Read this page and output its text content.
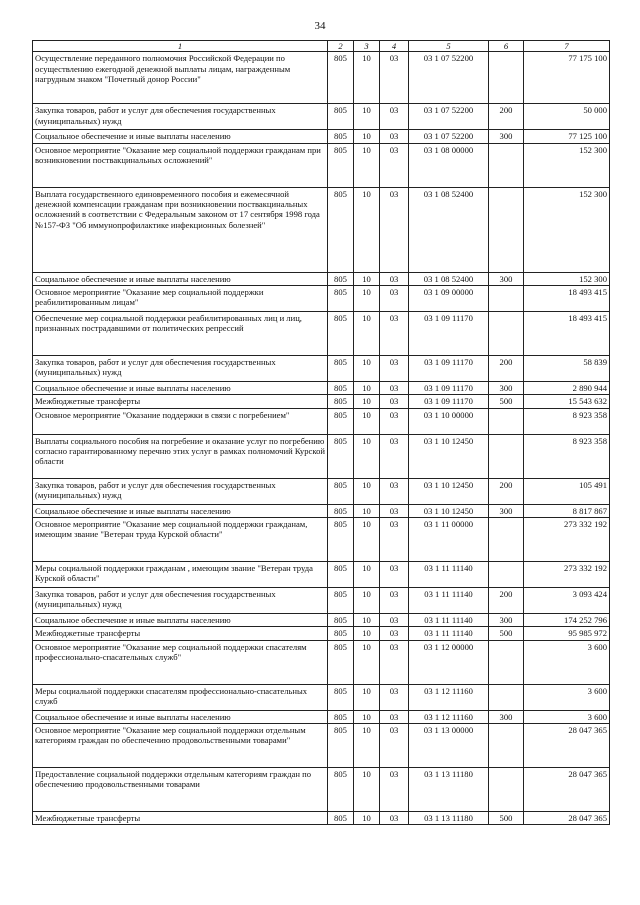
34
1	2	3	4	5	6	7
Осуществление переданного полномочия Российской Федерации по осуществлению ежегодной денежной выплаты лицам, награжденным нагрудным знаком "Почетный донор России"	805	10	03	03 1 07 52200		77 175 100
Закупка товаров, работ и услуг для обеспечения государственных (муниципальных) нужд	805	10	03	03 1 07 52200	200	50 000
Социальное обеспечение и иные выплаты населению	805	10	03	03 1 07 52200	300	77 125 100
Основное мероприятие "Оказание мер социальной поддержки гражданам при возникновении поствакцинальных осложнений"	805	10	03	03 1 08 00000		152 300
Выплата государственного единовременного пособия и ежемесячной денежной компенсации гражданам при возникновении поствакцинальных осложнений в соответствии с Федеральным законом от 17 сентября 1998 года №157-ФЗ "Об иммунопрофилактике инфекционных болезней"	805	10	03	03 1 08 52400		152 300
Социальное обеспечение и иные выплаты населению	805	10	03	03 1 08 52400	300	152 300
Основное мероприятие "Оказание мер социальной поддержки реабилитированным лицам"	805	10	03	03 1 09 00000		18 493 415
Обеспечение мер социальной поддержки реабилитированных лиц и лиц, признанных пострадавшими от политических репрессий	805	10	03	03 1 09 11170		18 493 415
Закупка товаров, работ и услуг для обеспечения государственных (муниципальных) нужд	805	10	03	03 1 09 11170	200	58 839
Социальное обеспечение и иные выплаты населению	805	10	03	03 1 09 11170	300	2 890 944
Межбюджетные трансферты	805	10	03	03 1 09 11170	500	15 543 632
Основное мероприятие "Оказание поддержки в связи с погребением"	805	10	03	03 1 10 00000		8 923 358
Выплаты социального пособия на погребение и оказание услуг по погребению согласно гарантированному перечню этих услуг в рамках полномочий Курской области	805	10	03	03 1 10 12450		8 923 358
Закупка товаров, работ и услуг для обеспечения государственных (муниципальных) нужд	805	10	03	03 1 10 12450	200	105 491
Социальное обеспечение и иные выплаты населению	805	10	03	03 1 10 12450	300	8 817 867
Основное мероприятие "Оказание мер социальной поддержки гражданам, имеющим звание "Ветеран труда Курской области"	805	10	03	03 1 11 00000		273 332 192
Меры социальной поддержки гражданам , имеющим звание "Ветеран труда Курской области"	805	10	03	03 1 11 11140		273 332 192
Закупка товаров, работ и услуг для обеспечения государственных (муниципальных) нужд	805	10	03	03 1 11 11140	200	3 093 424
Социальное обеспечение и иные выплаты населению	805	10	03	03 1 11 11140	300	174 252 796
Межбюджетные трансферты	805	10	03	03 1 11 11140	500	95 985 972
Основное мероприятие "Оказание мер социальной поддержки спасателям профессионально-спасательных служб"	805	10	03	03 1 12 00000		3 600
Меры социальной поддержки спасателям профессионально-спасательных служб	805	10	03	03 1 12 11160		3 600
Социальное обеспечение и иные выплаты населению	805	10	03	03 1 12 11160	300	3 600
Основное мероприятие "Оказание мер социальной поддержки отдельным категориям граждан по обеспечению продовольственными товарами"	805	10	03	03 1 13 00000		28 047 365
Предоставление социальной поддержки отдельным категориям граждан по обеспечению продовольственными товарами	805	10	03	03 1 13 11180		28 047 365
Межбюджетные трансферты	805	10	03	03 1 13 11180	500	28 047 365
